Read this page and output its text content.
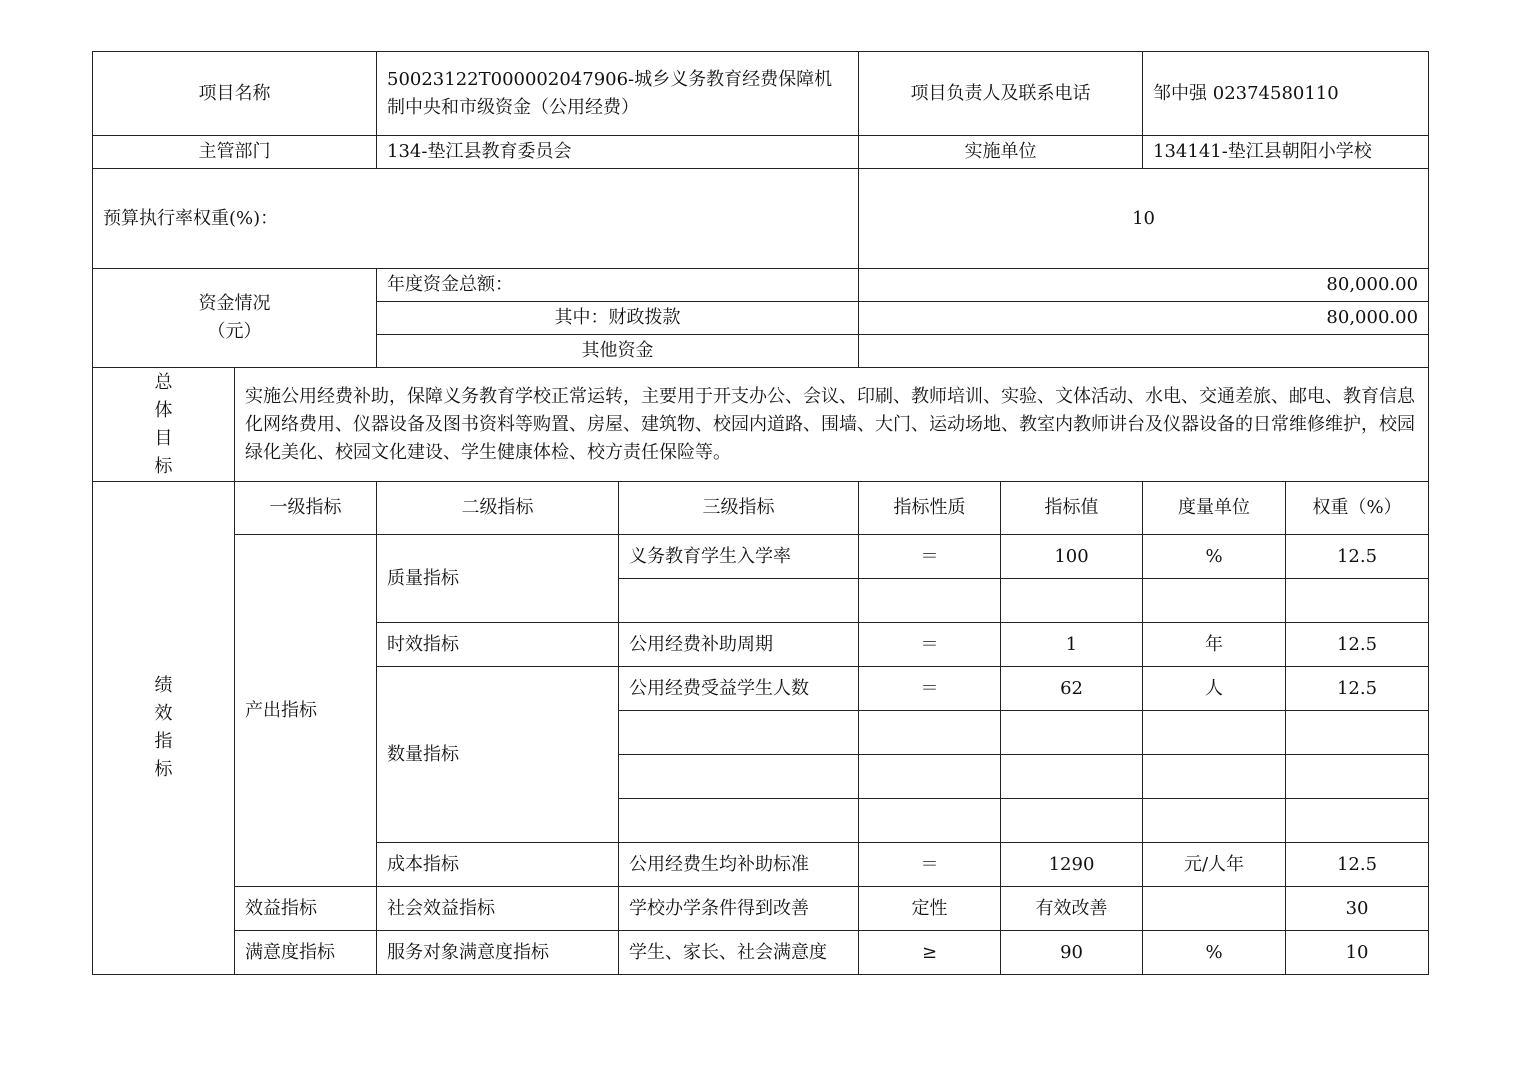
项目名称		50023122T000002047906-城乡义务教育经费保障机制中央和市级资金（公用经费）		项目负责人及联系电话		邹中强 02374580110	
主管部门		134-垫江县教育委员会		实施单位		134141-垫江县朝阳小学校	
预算执行率权重(%)：				10			

资金情况
（元）		年度资金总额：		80,000.00			
		其中：财政拨款		80,000.00			
		其他资金					

总
体
目
标	实施公用经费补助，保障义务教育学校正常运转，主要用于开支办公、会议、印刷、教师培训、实验、文体活动、水电、交通差旅、邮电、教育信息化网络费用、仪器设备及图书资料等购置、房屋、建筑物、校园内道路、围墙、大门、运动场地、教室内教师讲台及仪器设备的日常维修维护，校园绿化美化、校园文化建设、学生健康体检、校方责任保险等。						

绩
效
指
标	一级指标	二级指标	三级指标	指标性质	指标值	度量单位	权重（%）
	产出指标	质量指标	义务教育学生入学率	＝	100	%	12.5

		时效指标	公用经费补助周期	＝	1	年	12.5
		数量指标	公用经费受益学生人数	＝	62	人	12.5

		成本指标	公用经费生均补助标准	＝	1290	元/人年	12.5
	效益指标	社会效益指标	学校办学条件得到改善	定性	有效改善		30
	满意度指标	服务对象满意度指标	学生、家长、社会满意度	≥	90	%	10
